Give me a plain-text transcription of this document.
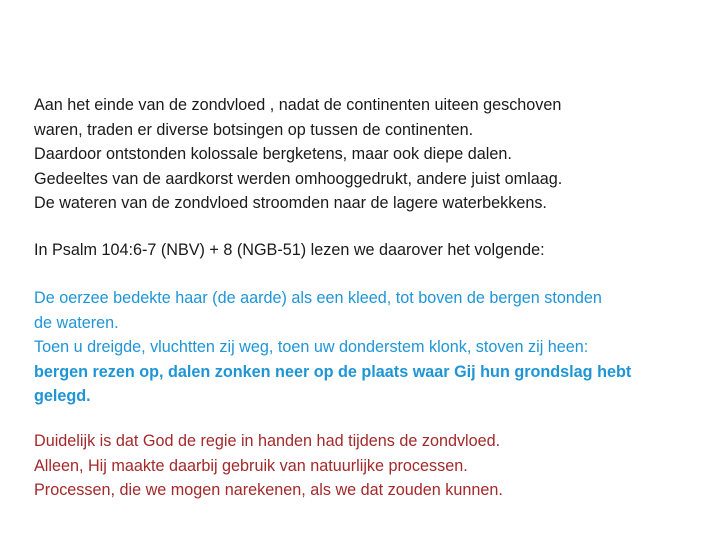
Aan het einde van de zondvloed , nadat de continenten uiteen geschoven

waren, traden er diverse botsingen op tussen de continenten.

Daardoor ontstonden kolossale bergketens, maar ook diepe dalen.

Gedeeltes van de aardkorst werden omhooggedrukt, andere juist omlaag.

De wateren van de zondvloed stroomden naar de lagere waterbekkens.

In Psalm 104:6-7 (NBV) + 8 (NGB-51) lezen we daarover het volgende:

De oerzee bedekte haar (de aarde) als een kleed, tot boven de bergen stonden

de wateren.

Toen u dreigde, vluchtten zij weg, toen uw donderstem klonk, stoven zij heen:

bergen rezen op, dalen zonken neer op de plaats waar Gij hun grondslag hebt

gelegd.

Duidelijk is dat God de regie in handen had tijdens de zondvloed.

Alleen, Hij maakte daarbij gebruik van natuurlijke processen.

Processen, die we mogen narekenen, als we dat zouden kunnen.
